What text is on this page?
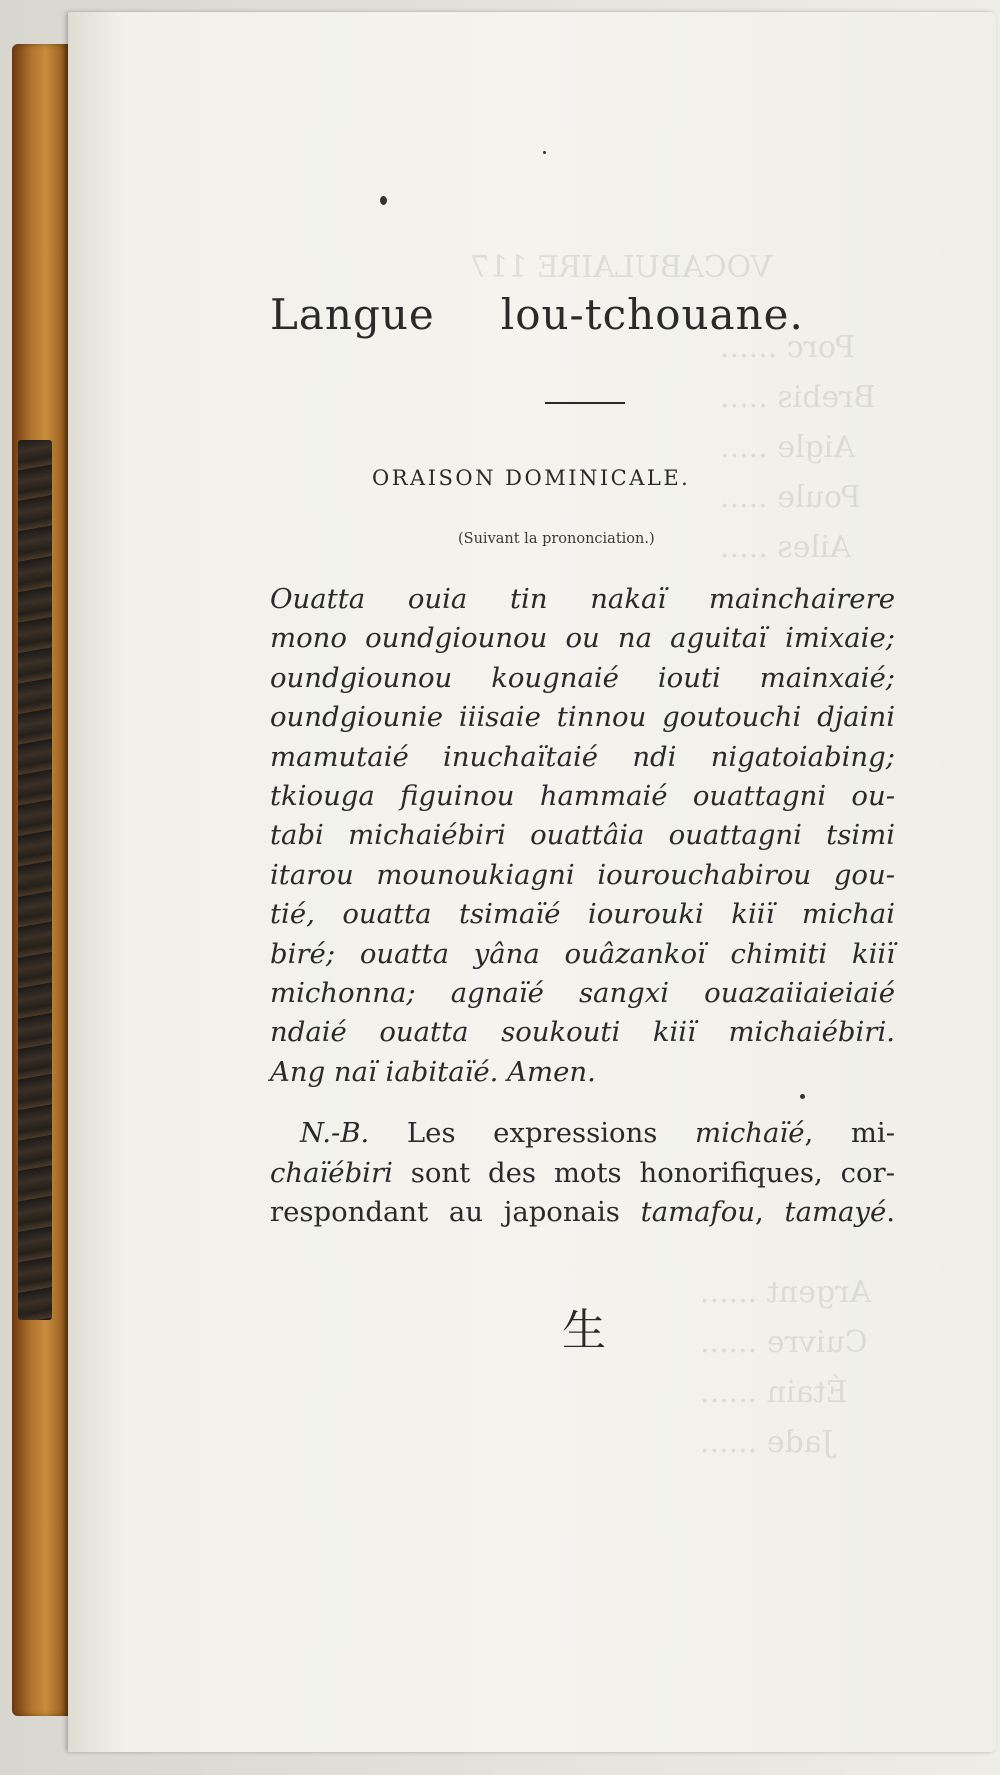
VOCABULAIRE 117
Porc ......
Brebis .....
Aigle .....
Poule .....
Ailes .....
Argent ......
Cuivre ......
Étain ......
Jade ......
Langue lou-tchouane.
ORAISON DOMINICALE.
(Suivant la prononciation.)
Ouatta ouia tin nakaï mainchairere
mono oundgiounou ou na aguitaï imixaie;
oundgiounou kougnaié iouti mainxaié;
oundgiounie iiisaie tinnou goutouchi djaini
mamutaié inuchaïtaié ndi nigatoiabing;
tkiouga figuinou hammaié ouattagni ou-
tabi michaiébiri ouattâia ouattagni tsimi
itarou mounoukiagni iourouchabirou gou-
tié, ouatta tsimaïé iourouki kiiï michai
biré; ouatta yâna ouâzankoï chimiti kiiï
michonna; agnaïé sangxi ouazaiiaieiaié
ndaié ouatta soukouti kiiï michaiébiri.
Ang naï iabitaïé. Amen.
N.-B. Les expressions michaïé, mi-
chaïébiri sont des mots honorifiques, cor-
respondant au japonais tamafou, tamayé.
生
